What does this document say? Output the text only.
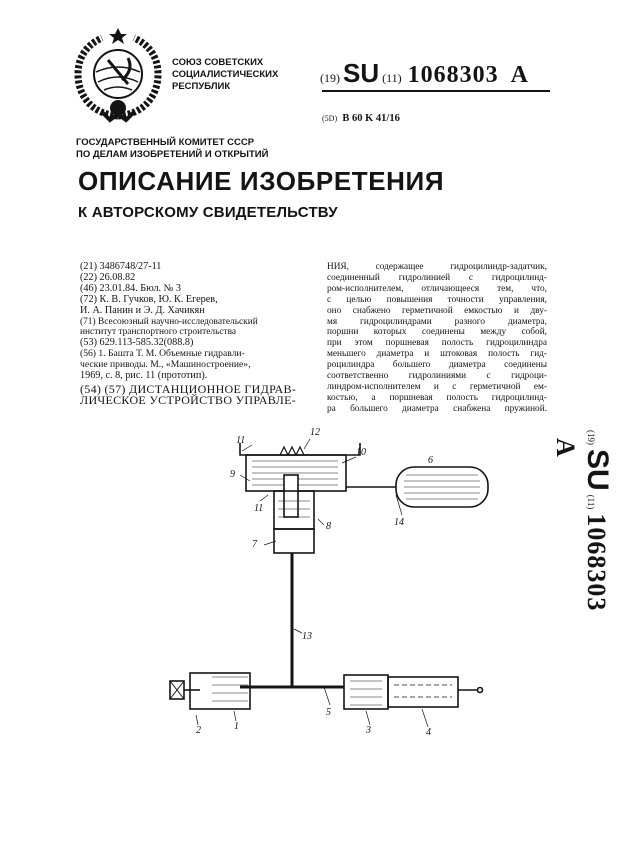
СОЮЗ СОВЕТСКИХ
СОЦИАЛИСТИЧЕСКИХ
РЕСПУБЛИК
(19) SU (11) 1068303 A
(5D) B 60 K 41/16
ГОСУДАРСТВЕННЫЙ КОМИТЕТ СССР
ПО ДЕЛАМ ИЗОБРЕТЕНИЙ И ОТКРЫТИЙ
ОПИСАНИЕ ИЗОБРЕТЕНИЯ
К АВТОРСКОМУ СВИДЕТЕЛЬСТВУ
(21) 3486748/27-11
(22) 26.08.82
(46) 23.01.84. Бюл. № 3
(72) К. В. Гучков, Ю. К. Егерев,
И. А. Панин и Э. Д. Хачикян
(71) Всесоюзный научно-исследовательский
институт транспортного строительства
(53) 629.113-585.32(088.8)
(56) 1. Башта Т. М. Объемные гидравли-
ческие приводы. М., «Машиностроение»,
1969, с. 8, рис. 11 (прототип).
(54) (57) ДИСТАНЦИОННОЕ ГИДРАВ-
ЛИЧЕСКОЕ УСТРОЙСТВО УПРАВЛЕ-
НИЯ, содержащее гидроцилиндр-задатчик,
соединенный гидролинией с гидроцилинд-
ром-исполнителем, отличающееся тем, что,
с целью повышения точности управления,
оно снабжено герметичной емкостью и дву-
мя гидроцилиндрами разного диаметра,
поршни которых соединены между собой,
при этом поршневая полость гидроцилиндра
меньшего диаметра и штоковая полость гид-
роцилиндра большего диаметра соединены
соответственно гидролиниями с гидроци-
линдром-исполнителем и с герметичной ем-
костью, а поршневая полость гидроцилинд-
ра большего диаметра снабжена пружиной.
(19) SU (11) 1068303   A
11
12
10
9
11
8
7
6
14
13
2	1
5
3	4
